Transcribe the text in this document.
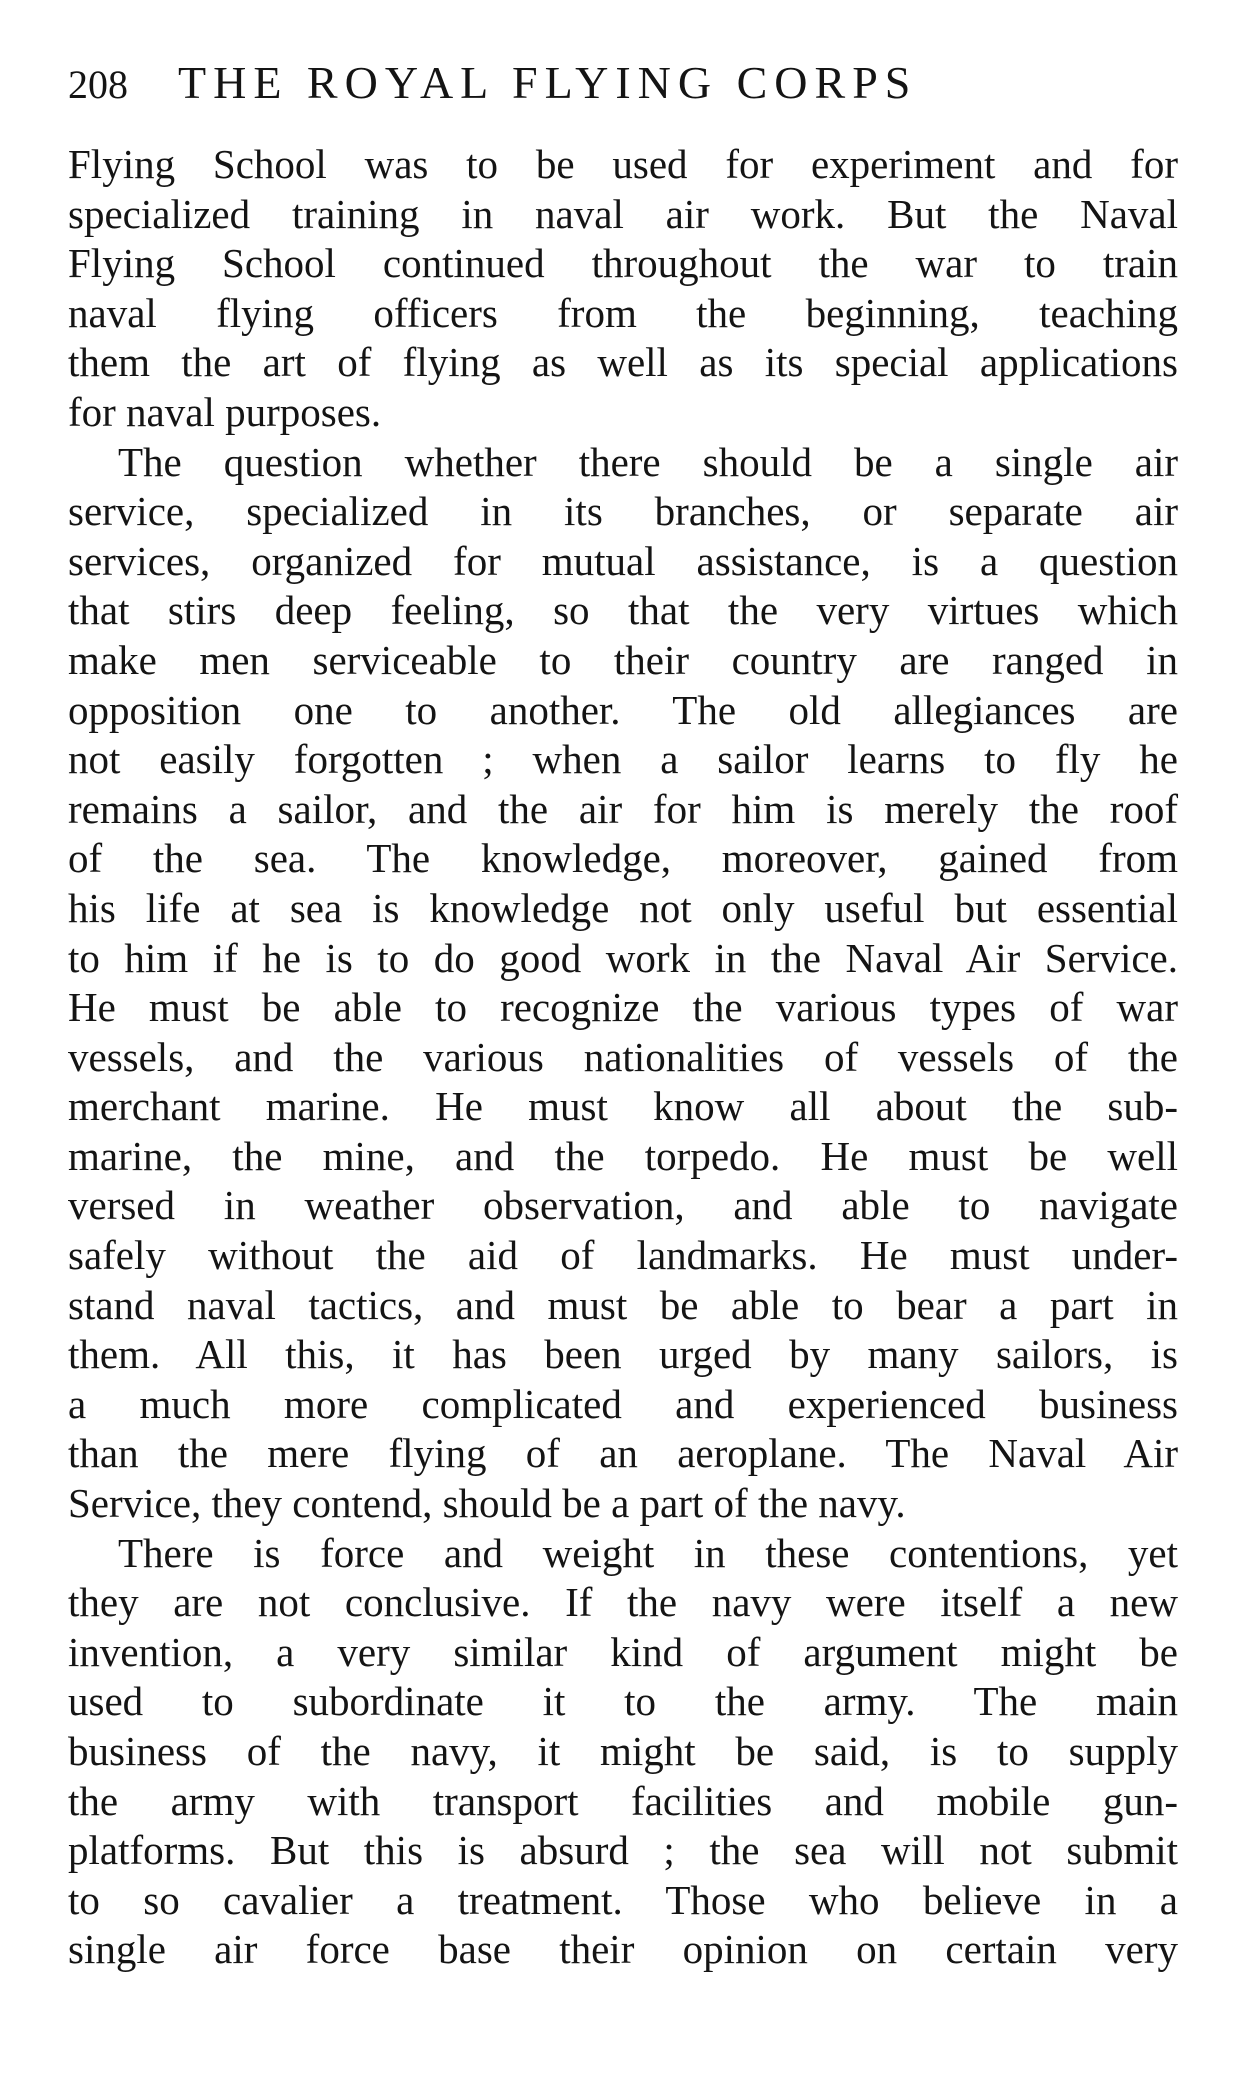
208 THE ROYAL FLYING CORPS
Flying School was to be used for experiment and for
specialized training in naval air work. But the Naval
Flying School continued throughout the war to train
naval flying officers from the beginning, teaching
them the art of flying as well as its special applications
for naval purposes.
The question whether there should be a single air
service, specialized in its branches, or separate air
services, organized for mutual assistance, is a question
that stirs deep feeling, so that the very virtues which
make men serviceable to their country are ranged in
opposition one to another. The old allegiances are
not easily forgotten ; when a sailor learns to fly he
remains a sailor, and the air for him is merely the roof
of the sea. The knowledge, moreover, gained from
his life at sea is knowledge not only useful but essential
to him if he is to do good work in the Naval Air Service.
He must be able to recognize the various types of war
vessels, and the various nationalities of vessels of the
merchant marine. He must know all about the sub-
marine, the mine, and the torpedo. He must be well
versed in weather observation, and able to navigate
safely without the aid of landmarks. He must under-
stand naval tactics, and must be able to bear a part in
them. All this, it has been urged by many sailors, is
a much more complicated and experienced business
than the mere flying of an aeroplane. The Naval Air
Service, they contend, should be a part of the navy.
There is force and weight in these contentions, yet
they are not conclusive. If the navy were itself a new
invention, a very similar kind of argument might be
used to subordinate it to the army. The main
business of the navy, it might be said, is to supply
the army with transport facilities and mobile gun-
platforms. But this is absurd ; the sea will not submit
to so cavalier a treatment. Those who believe in a
single air force base their opinion on certain very
